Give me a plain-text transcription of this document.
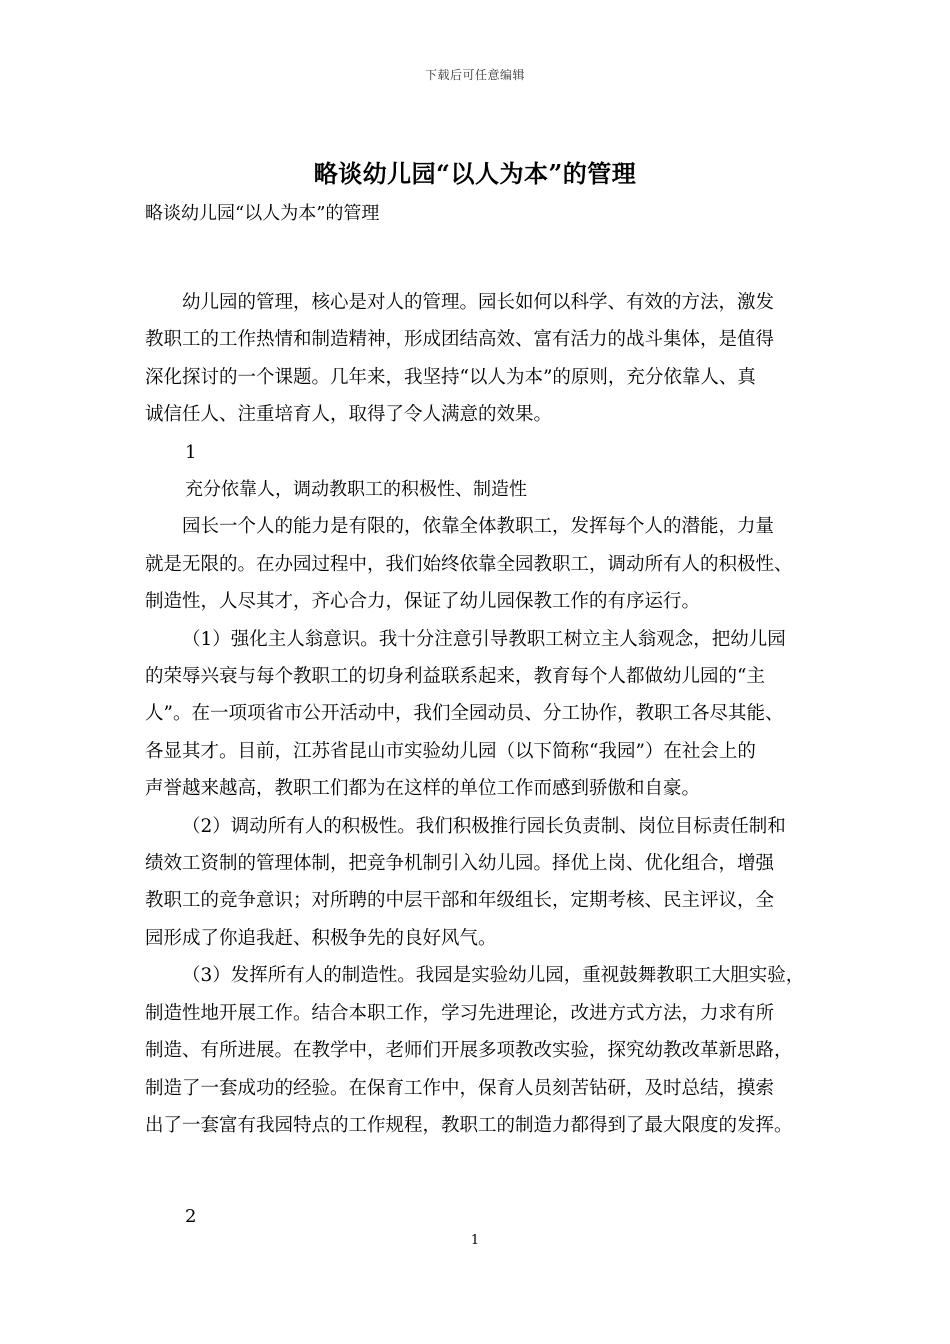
下载后可任意编辑
略谈幼儿园“以人为本”的管理
略谈幼儿园“以人为本”的管理

幼儿园的管理，核心是对人的管理。园长如何以科学、有效的方法，激发
教职工的工作热情和制造精神，形成团结高效、富有活力的战斗集体，是值得
深化探讨的一个课题。几年来，我坚持“以人为本”的原则，充分依靠人、真
诚信任人、注重培育人，取得了令人满意的效果。

1
充分依靠人，调动教职工的积极性、制造性

园长一个人的能力是有限的，依靠全体教职工，发挥每个人的潜能，力量
就是无限的。在办园过程中，我们始终依靠全园教职工，调动所有人的积极性、
制造性，人尽其才，齐心合力，保证了幼儿园保教工作的有序运行。

（1）强化主人翁意识。我十分注意引导教职工树立主人翁观念，把幼儿园
的荣辱兴衰与每个教职工的切身利益联系起来，教育每个人都做幼儿园的“主
人”。在一项项省市公开活动中，我们全园动员、分工协作，教职工各尽其能、
各显其才。目前，江苏省昆山市实验幼儿园（以下简称“我园”）在社会上的
声誉越来越高，教职工们都为在这样的单位工作而感到骄傲和自豪。

（2）调动所有人的积极性。我们积极推行园长负责制、岗位目标责任制和
绩效工资制的管理体制，把竞争机制引入幼儿园。择优上岗、优化组合，增强
教职工的竞争意识；对所聘的中层干部和年级组长，定期考核、民主评议，全
园形成了你追我赶、积极争先的良好风气。

（3）发挥所有人的制造性。我园是实验幼儿园，重视鼓舞教职工大胆实验，
制造性地开展工作。结合本职工作，学习先进理论，改进方式方法，力求有所
制造、有所进展。在教学中，老师们开展多项教改实验，探究幼教改革新思路，
制造了一套成功的经验。在保育工作中，保育人员刻苦钻研，及时总结，摸索
出了一套富有我园特点的工作规程，教职工的制造力都得到了最大限度的发挥。

2
1
